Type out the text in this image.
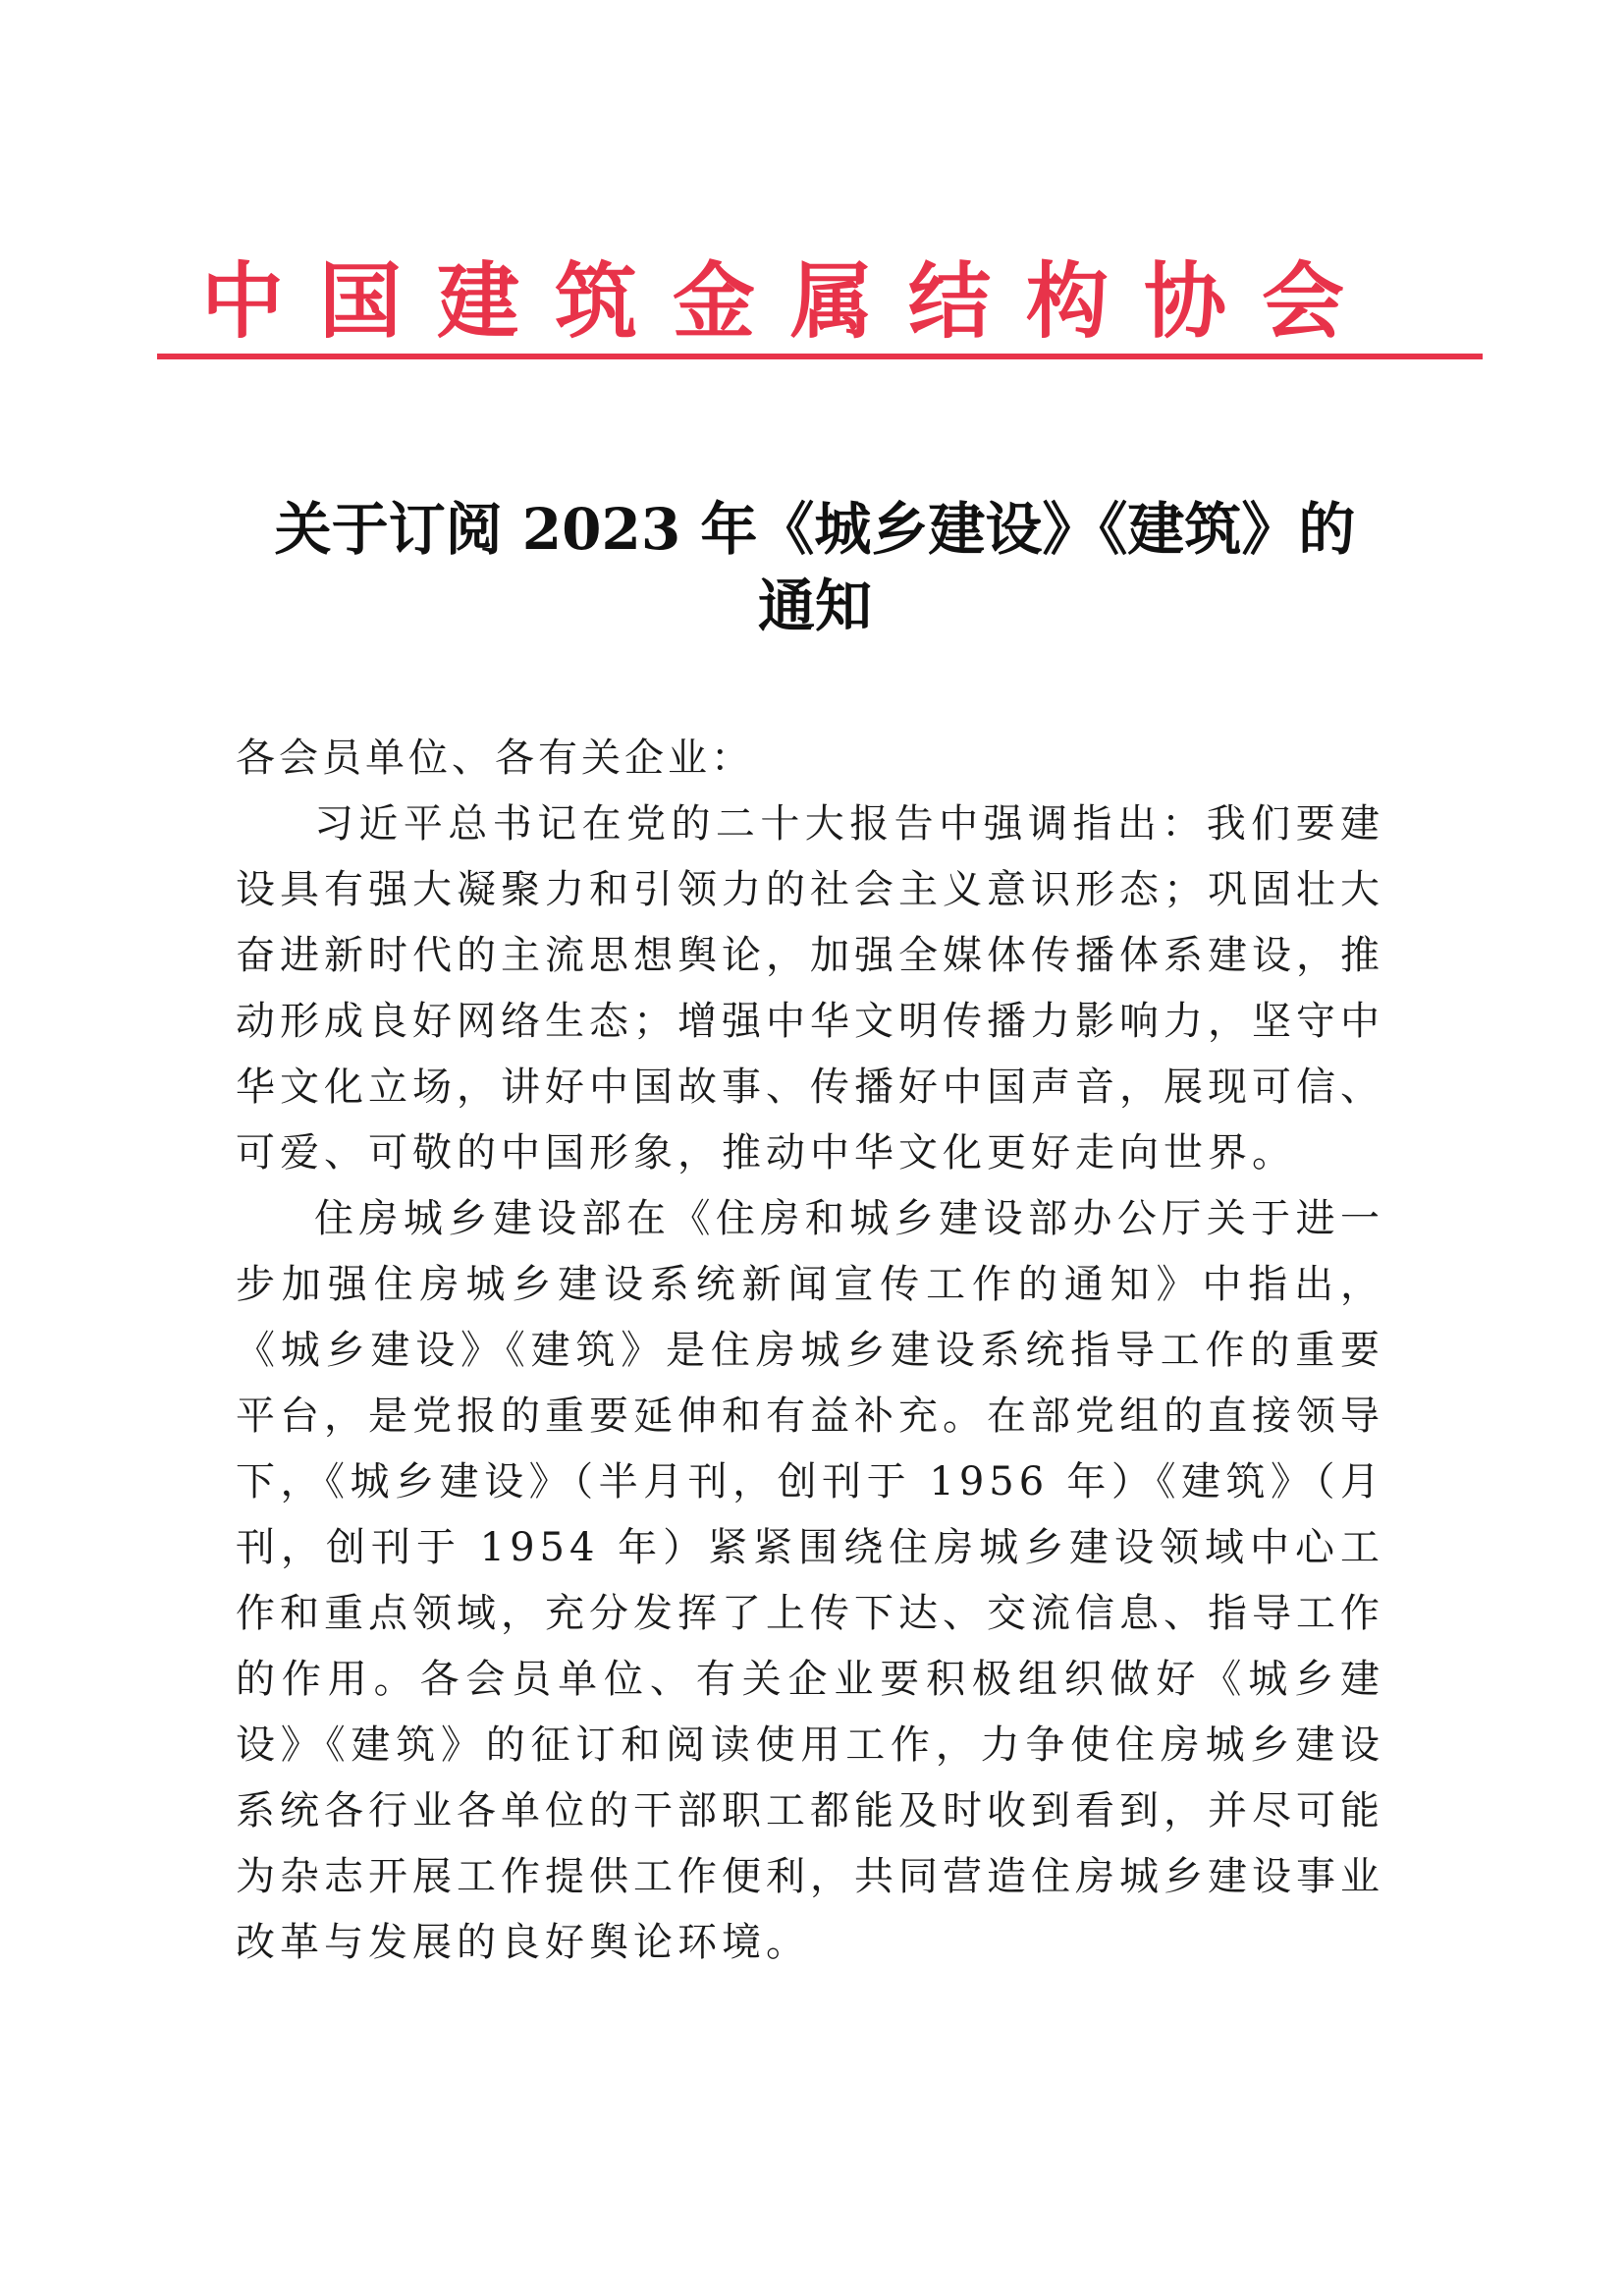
中国建筑金属结构协会
关于订阅 2023 年《城乡建设》《建筑》的
通知
各会员单位、各有关企业：

习近平总书记在党的二十大报告中强调指出：我们要建设具有强大凝聚力和引领力的社会主义意识形态；巩固壮大奋进新时代的主流思想舆论，加强全媒体传播体系建设，推动形成良好网络生态；增强中华文明传播力影响力，坚守中华文化立场，讲好中国故事、传播好中国声音，展现可信、可爱、可敬的中国形象，推动中华文化更好走向世界。

住房城乡建设部在《住房和城乡建设部办公厅关于进一步加强住房城乡建设系统新闻宣传工作的通知》中指出，《城乡建设》《建筑》是住房城乡建设系统指导工作的重要平台，是党报的重要延伸和有益补充。在部党组的直接领导下，《城乡建设》（半月刊，创刊于 1956 年）《建筑》（月刊，创刊于 1954 年）紧紧围绕住房城乡建设领域中心工作和重点领域，充分发挥了上传下达、交流信息、指导工作的作用。各会员单位、有关企业要积极组织做好《城乡建设》《建筑》的征订和阅读使用工作，力争使住房城乡建设系统各行业各单位的干部职工都能及时收到看到，并尽可能为杂志开展工作提供工作便利，共同营造住房城乡建设事业改革与发展的良好舆论环境。
